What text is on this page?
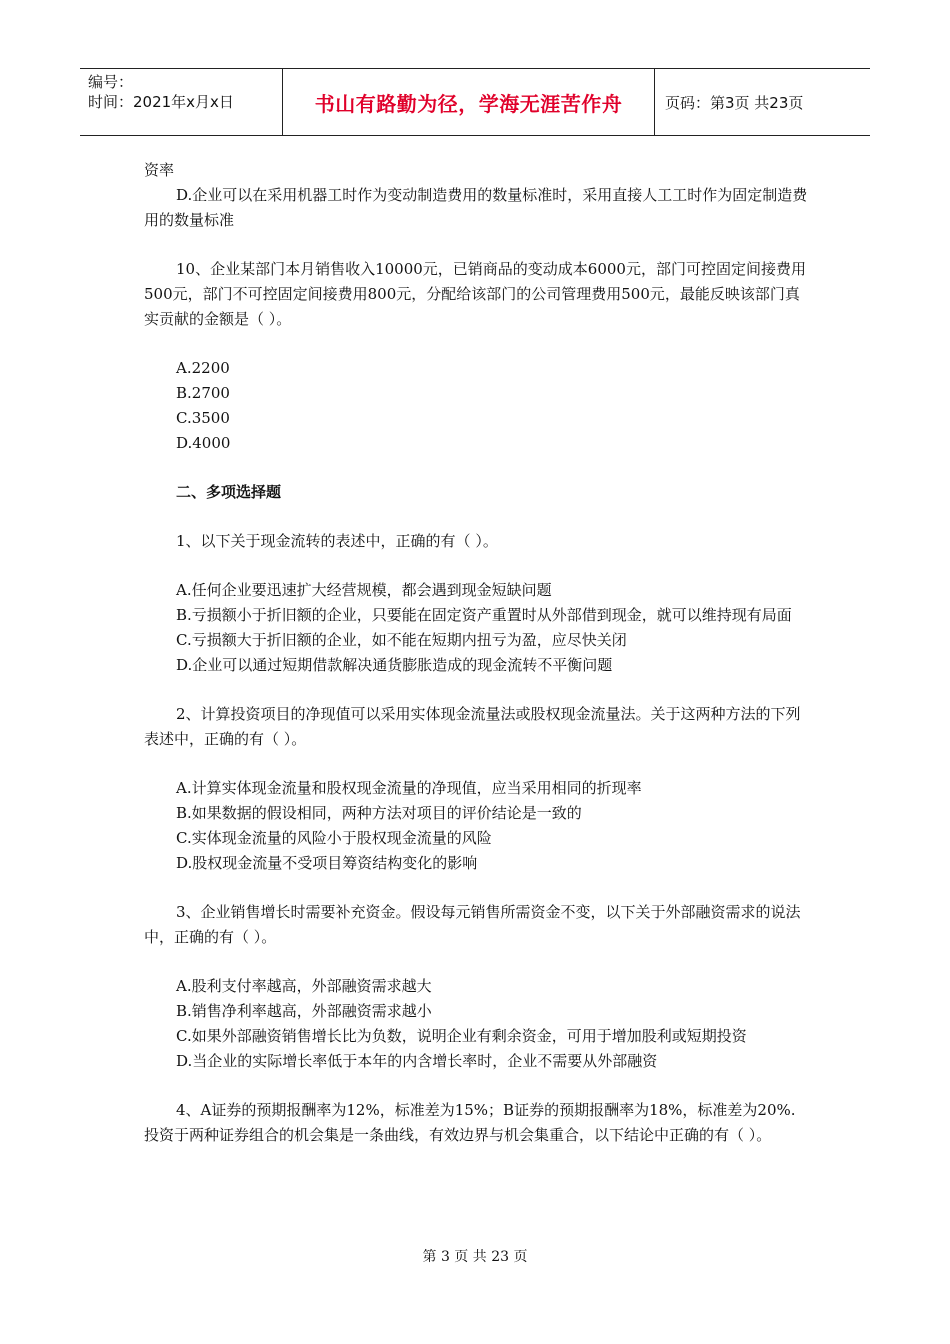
编号：
时间：2021年x月x日	书山有路勤为径，学海无涯苦作舟	页码：第3页 共23页

资率

D.企业可以在采用机器工时作为变动制造费用的数量标准时，采用直接人工工时作为固定制造费用的数量标准

10、企业某部门本月销售收入10000元，已销商品的变动成本6000元，部门可控固定间接费用500元，部门不可控固定间接费用800元，分配给该部门的公司管理费用500元，最能反映该部门真实贡献的金额是（ ）。

A.2200

B.2700

C.3500

D.4000

二、多项选择题

1、以下关于现金流转的表述中，正确的有（ ）。

A.任何企业要迅速扩大经营规模，都会遇到现金短缺问题

B.亏损额小于折旧额的企业，只要能在固定资产重置时从外部借到现金，就可以维持现有局面

C.亏损额大于折旧额的企业，如不能在短期内扭亏为盈，应尽快关闭

D.企业可以通过短期借款解决通货膨胀造成的现金流转不平衡问题

2、计算投资项目的净现值可以采用实体现金流量法或股权现金流量法。关于这两种方法的下列表述中，正确的有（ ）。

A.计算实体现金流量和股权现金流量的净现值，应当采用相同的折现率

B.如果数据的假设相同，两种方法对项目的评价结论是一致的

C.实体现金流量的风险小于股权现金流量的风险

D.股权现金流量不受项目筹资结构变化的影响

3、企业销售增长时需要补充资金。假设每元销售所需资金不变，以下关于外部融资需求的说法中，正确的有（ ）。

A.股利支付率越高，外部融资需求越大

B.销售净利率越高，外部融资需求越小

C.如果外部融资销售增长比为负数，说明企业有剩余资金，可用于增加股利或短期投资

D.当企业的实际增长率低于本年的内含增长率时，企业不需要从外部融资

4、A证券的预期报酬率为12%，标准差为15%；B证券的预期报酬率为18%，标准差为20%.投资于两种证券组合的机会集是一条曲线，有效边界与机会集重合，以下结论中正确的有（ ）。

第 3 页 共 23 页
